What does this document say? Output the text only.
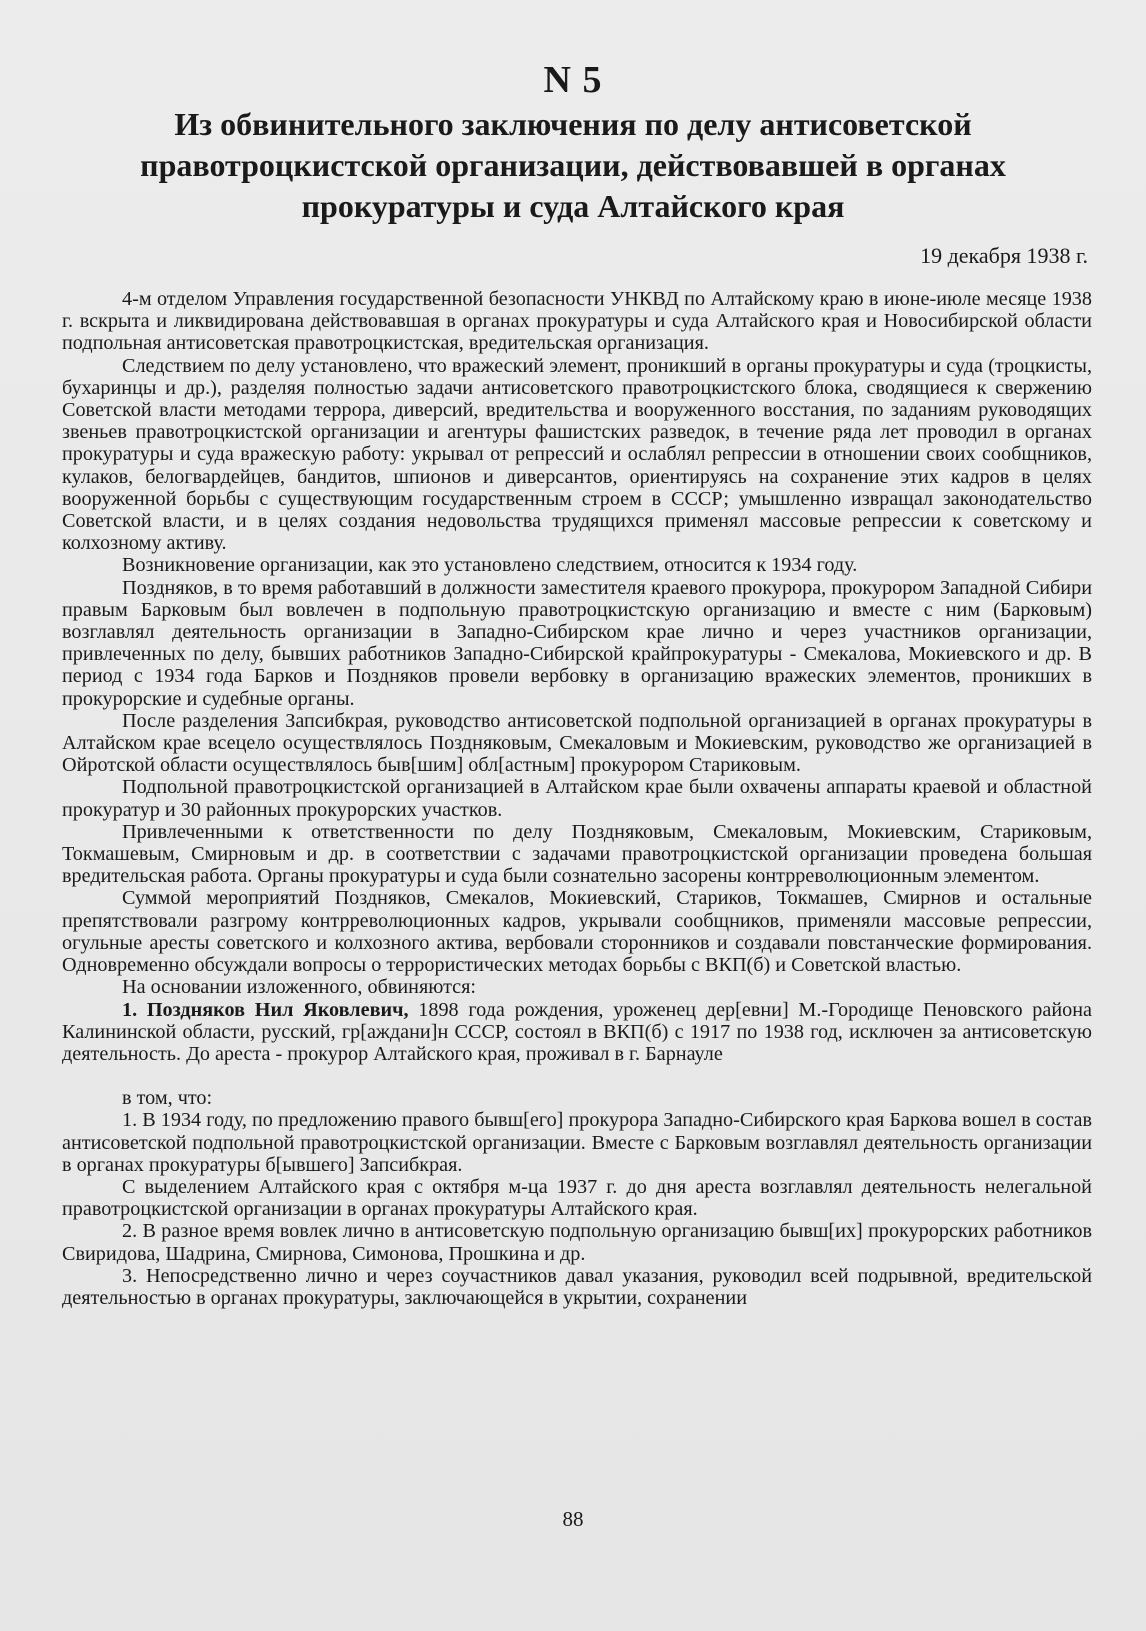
N 5
Из обвинительного заключения по делу антисоветской правотроцкистской организации, действовавшей в органах прокуратуры и суда Алтайского края
19 декабря 1938 г.

4-м отделом Управления государственной безопасности УНКВД по Алтайскому краю в июне-июле месяце 1938 г. вскрыта и ликвидирована действовавшая в органах прокуратуры и суда Алтайского края и Новосибирской области подпольная антисоветская правотроцкистская, вредительская организация.

Следствием по делу установлено, что вражеский элемент, проникший в органы прокуратуры и суда (троцкисты, бухаринцы и др.), разделяя полностью задачи антисоветского правотроцкистского блока, сводящиеся к свержению Советской власти методами террора, диверсий, вредительства и вооруженного восстания, по заданиям руководящих звеньев правотроцкистской организации и агентуры фашистских разведок, в течение ряда лет проводил в органах прокуратуры и суда вражескую работу: укрывал от репрессий и ослаблял репрессии в отношении своих сообщников, кулаков, белогвардейцев, бандитов, шпионов и диверсантов, ориентируясь на сохранение этих кадров в целях вооруженной борьбы с существующим государственным строем в СССР; умышленно извращал законодательство Советской власти, и в целях создания недовольства трудящихся применял массовые репрессии к советскому и колхозному активу.

Возникновение организации, как это установлено следствием, относится к 1934 году.

Поздняков, в то время работавший в должности заместителя краевого прокурора, прокурором Западной Сибири правым Барковым был вовлечен в подпольную правотроцкистскую организацию и вместе с ним (Барковым) возглавлял деятельность организации в Западно-Сибирском крае лично и через участников организации, привлеченных по делу, бывших работников Западно-Сибирской крайпрокуратуры - Смекалова, Мокиевского и др. В период с 1934 года Барков и Поздняков провели вербовку в организацию вражеских элементов, проникших в прокурорские и судебные органы.

После разделения Запсибкрая, руководство антисоветской подпольной организацией в органах прокуратуры в Алтайском крае всецело осуществлялось Поздняковым, Смекаловым и Мокиевским, руководство же организацией в Ойротской области осуществлялось быв[шим] обл[астным] прокурором Стариковым.

Подпольной правотроцкистской организацией в Алтайском крае были охвачены аппараты краевой и областной прокуратур и 30 районных прокурорских участков.

Привлеченными к ответственности по делу Поздняковым, Смекаловым, Мокиевским, Стариковым, Токмашевым, Смирновым и др. в соответствии с задачами правотроцкистской организации проведена большая вредительская работа. Органы прокуратуры и суда были сознательно засорены контрреволюционным элементом.

Суммой мероприятий Поздняков, Смекалов, Мокиевский, Стариков, Токмашев, Смирнов и остальные препятствовали разгрому контрреволюционных кадров, укрывали сообщников, применяли массовые репрессии, огульные аресты советского и колхозного актива, вербовали сторонников и создавали повстанческие формирования. Одновременно обсуждали вопросы о террористических методах борьбы с ВКП(б) и Советской властью.

На основании изложенного, обвиняются:

1. Поздняков Нил Яковлевич, 1898 года рождения, уроженец дер[евни] М.-Городище Пеновского района Калининской области, русский, гр[аждани]н СССР, состоял в ВКП(б) с 1917 по 1938 год, исключен за антисоветскую деятельность. До ареста - прокурор Алтайского края, проживал в г. Барнауле

в том, что:

1. В 1934 году, по предложению правого бывш[его] прокурора Западно-Сибирского края Баркова вошел в состав антисоветской подпольной правотроцкистской организации. Вместе с Барковым возглавлял деятельность организации в органах прокуратуры б[ывшего] Запсибкрая.

С выделением Алтайского края с октября м-ца 1937 г. до дня ареста возглавлял деятельность нелегальной правотроцкистской организации в органах прокуратуры Алтайского края.

2. В разное время вовлек лично в антисоветскую подпольную организацию бывш[их] прокурорских работников Свиридова, Шадрина, Смирнова, Симонова, Прошкина и др.

3. Непосредственно лично и через соучастников давал указания, руководил всей подрывной, вредительской деятельностью в органах прокуратуры, заключающейся в укрытии, сохранении

88
